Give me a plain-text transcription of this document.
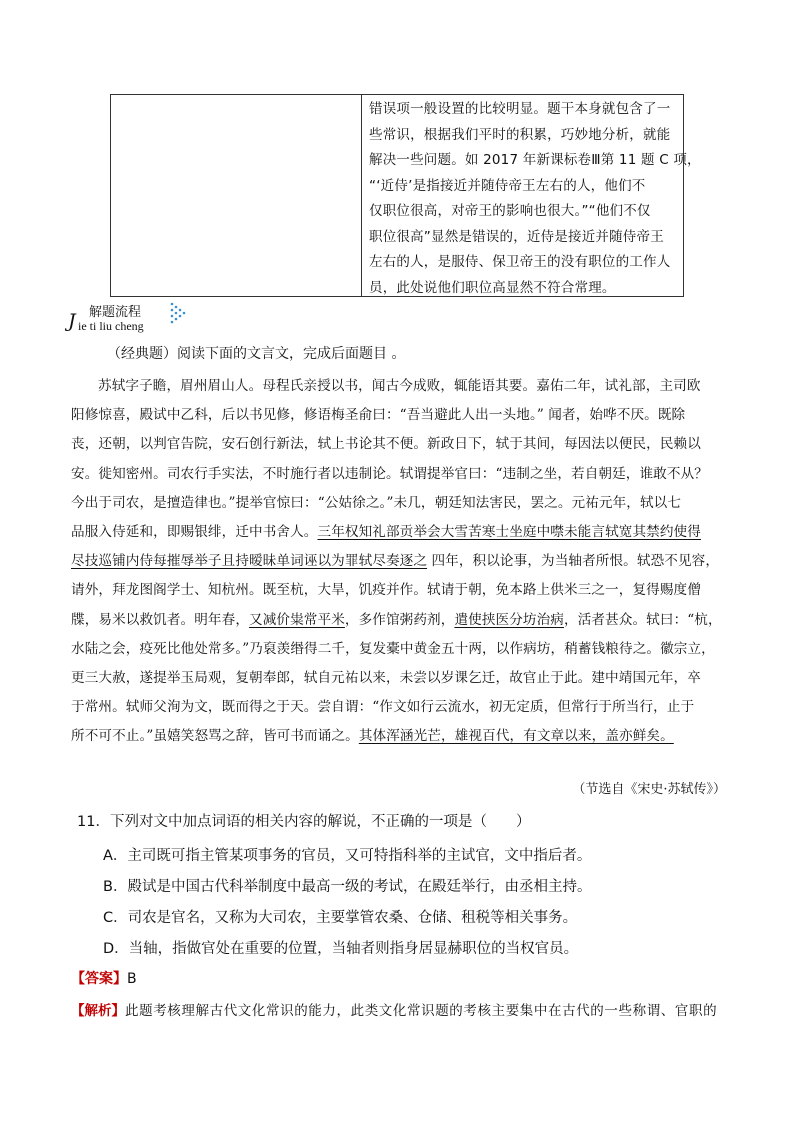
错误项一般设置的比较明显。题干本身就包含了一
些常识，根据我们平时的积累，巧妙地分析，就能
解决一些问题。如 2017 年新课标卷Ⅲ第 11 题 C 项，
“‘近侍’是指接近并随侍帝王左右的人，他们不
仅职位很高，对帝王的影响也很大。”“他们不仅
职位很高”显然是错误的，近侍是接近并随侍帝王
左右的人，是服侍、保卫帝王的没有职位的工作人
员，此处说他们职位高显然不符合常理。
J 解题流程
ie ti liu cheng
（经典题）阅读下面的文言文，完成后面题目 。
苏轼字子瞻，眉州眉山人。母程氏亲授以书，闻古今成败，辄能语其要。嘉佑二年，试礼部，主司欧
阳修惊喜，殿试中乙科，后以书见修，修语梅圣俞曰：“吾当避此人出一头地。” 闻者，始哗不厌。既除
丧，还朝，以判官告院，安石创行新法，轼上书论其不便。新政日下，轼于其间，每因法以便民，民赖以
安。徙知密州。司农行手实法，不时施行者以违制论。轼谓提举官曰：“违制之坐，若自朝廷，谁敢不从？
今出于司农，是擅造律也。”提举官惊曰：“公姑徐之。”未几，朝廷知法害民，罢之。元祐元年，轼以七
品服入侍延和，即赐银绯，迁中书舍人。三年权知礼部贡举会大雪苦寒士坐庭中噤未能言轼宽其禁约使得
尽技巡铺内侍每摧辱举子且持暧昧单词诬以为罪轼尽奏逐之 四年，积以论事，为当轴者所恨。轼恐不见容，
请外，拜龙图阁学士、知杭州。既至杭，大旱，饥疫并作。轼请于朝，免本路上供米三之一，复得赐度僧
牒，易米以救饥者。明年春，又减价粜常平米，多作馆粥药剂，遣使挟医分坊治病，活者甚众。轼曰：“杭，
水陆之会，疫死比他处常多。”乃裒羡缗得二千，复发橐中黄金五十两，以作病坊，稍蓄钱粮待之。徽宗立，
更三大赦，遂提举玉局观，复朝奉郎，轼自元祐以来，未尝以岁课乞迁，故官止于此。建中靖国元年，卒
于常州。轼师父洵为文，既而得之于天。尝自谓：“作文如行云流水，初无定质，但常行于所当行，止于
所不可不止。”虽嬉笑怒骂之辞，皆可书而诵之。其体浑涵光芒，雄视百代，有文章以来，盖亦鲜矣。
（节选自《宋史·苏轼传》）
11．下列对文中加点词语的相关内容的解说，不正确的一项是（　　）
A．主司既可指主管某项事务的官员，又可特指科举的主试官，文中指后者。
B．殿试是中国古代科举制度中最高一级的考试，在殿廷举行，由丞相主持。
C．司农是官名，又称为大司农，主要掌管农桑、仓储、租税等相关事务。
D．当轴，指做官处在重要的位置，当轴者则指身居显赫职位的当权官员。
【答案】B
【解析】此题考核理解古代文化常识的能力，此类文化常识题的考核主要集中在古代的一些称谓、官职的
